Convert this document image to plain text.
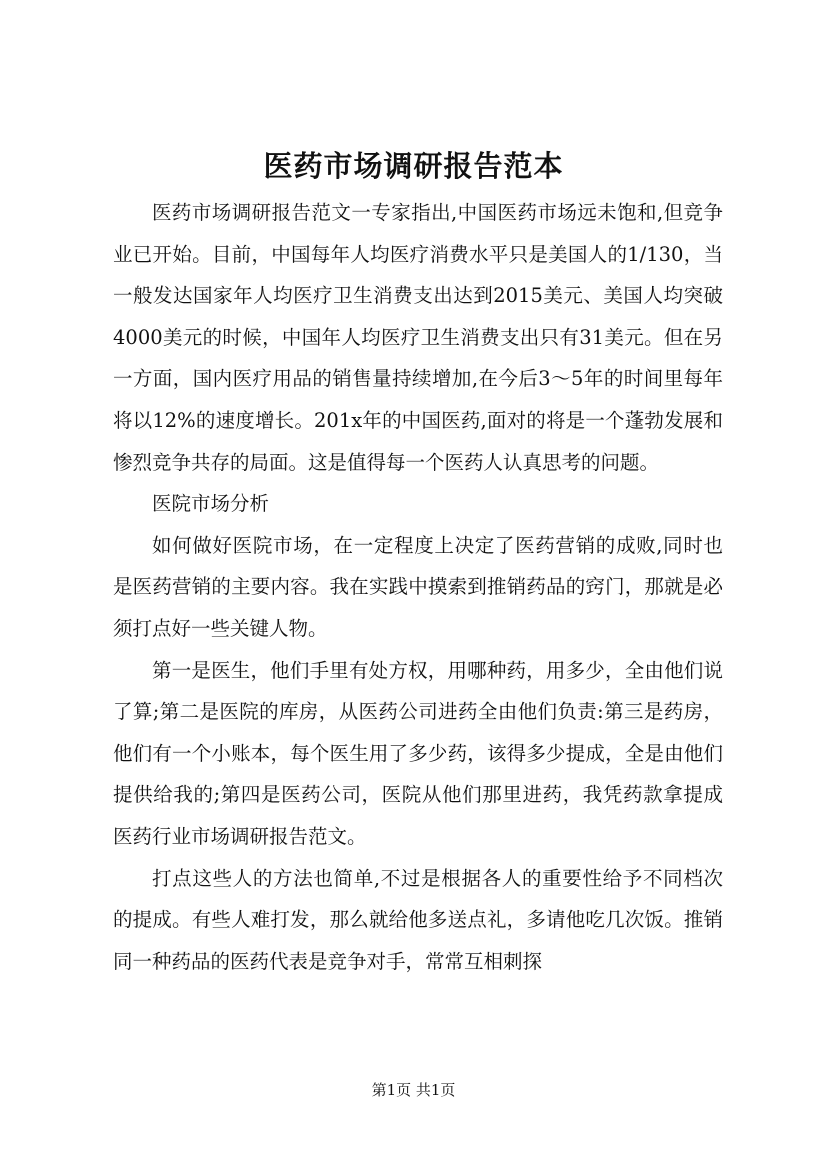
医药市场调研报告范本

医药市场调研报告范文一专家指出,中国医药市场远未饱和,但竞争业已开始。目前，中国每年人均医疗消费水平只是美国人的1/130，当一般发达国家年人均医疗卫生消费支出达到2015美元、美国人均突破4000美元的时候，中国年人均医疗卫生消费支出只有31美元。但在另一方面，国内医疗用品的销售量持续增加,在今后3～5年的时间里每年将以12%的速度增长。201x年的中国医药,面对的将是一个蓬勃发展和惨烈竞争共存的局面。这是值得每一个医药人认真思考的问题。

医院市场分析

如何做好医院市场，在一定程度上决定了医药营销的成败,同时也是医药营销的主要内容。我在实践中摸索到推销药品的窍门，那就是必须打点好一些关键人物。

第一是医生，他们手里有处方权，用哪种药，用多少，全由他们说了算;第二是医院的库房，从医药公司进药全由他们负责:第三是药房，他们有一个小账本，每个医生用了多少药，该得多少提成，全是由他们提供给我的;第四是医药公司，医院从他们那里进药，我凭药款拿提成医药行业市场调研报告范文。

打点这些人的方法也简单,不过是根据各人的重要性给予不同档次的提成。有些人难打发，那么就给他多送点礼，多请他吃几次饭。推销同一种药品的医药代表是竞争对手，常常互相刺探

第1页 共1页
